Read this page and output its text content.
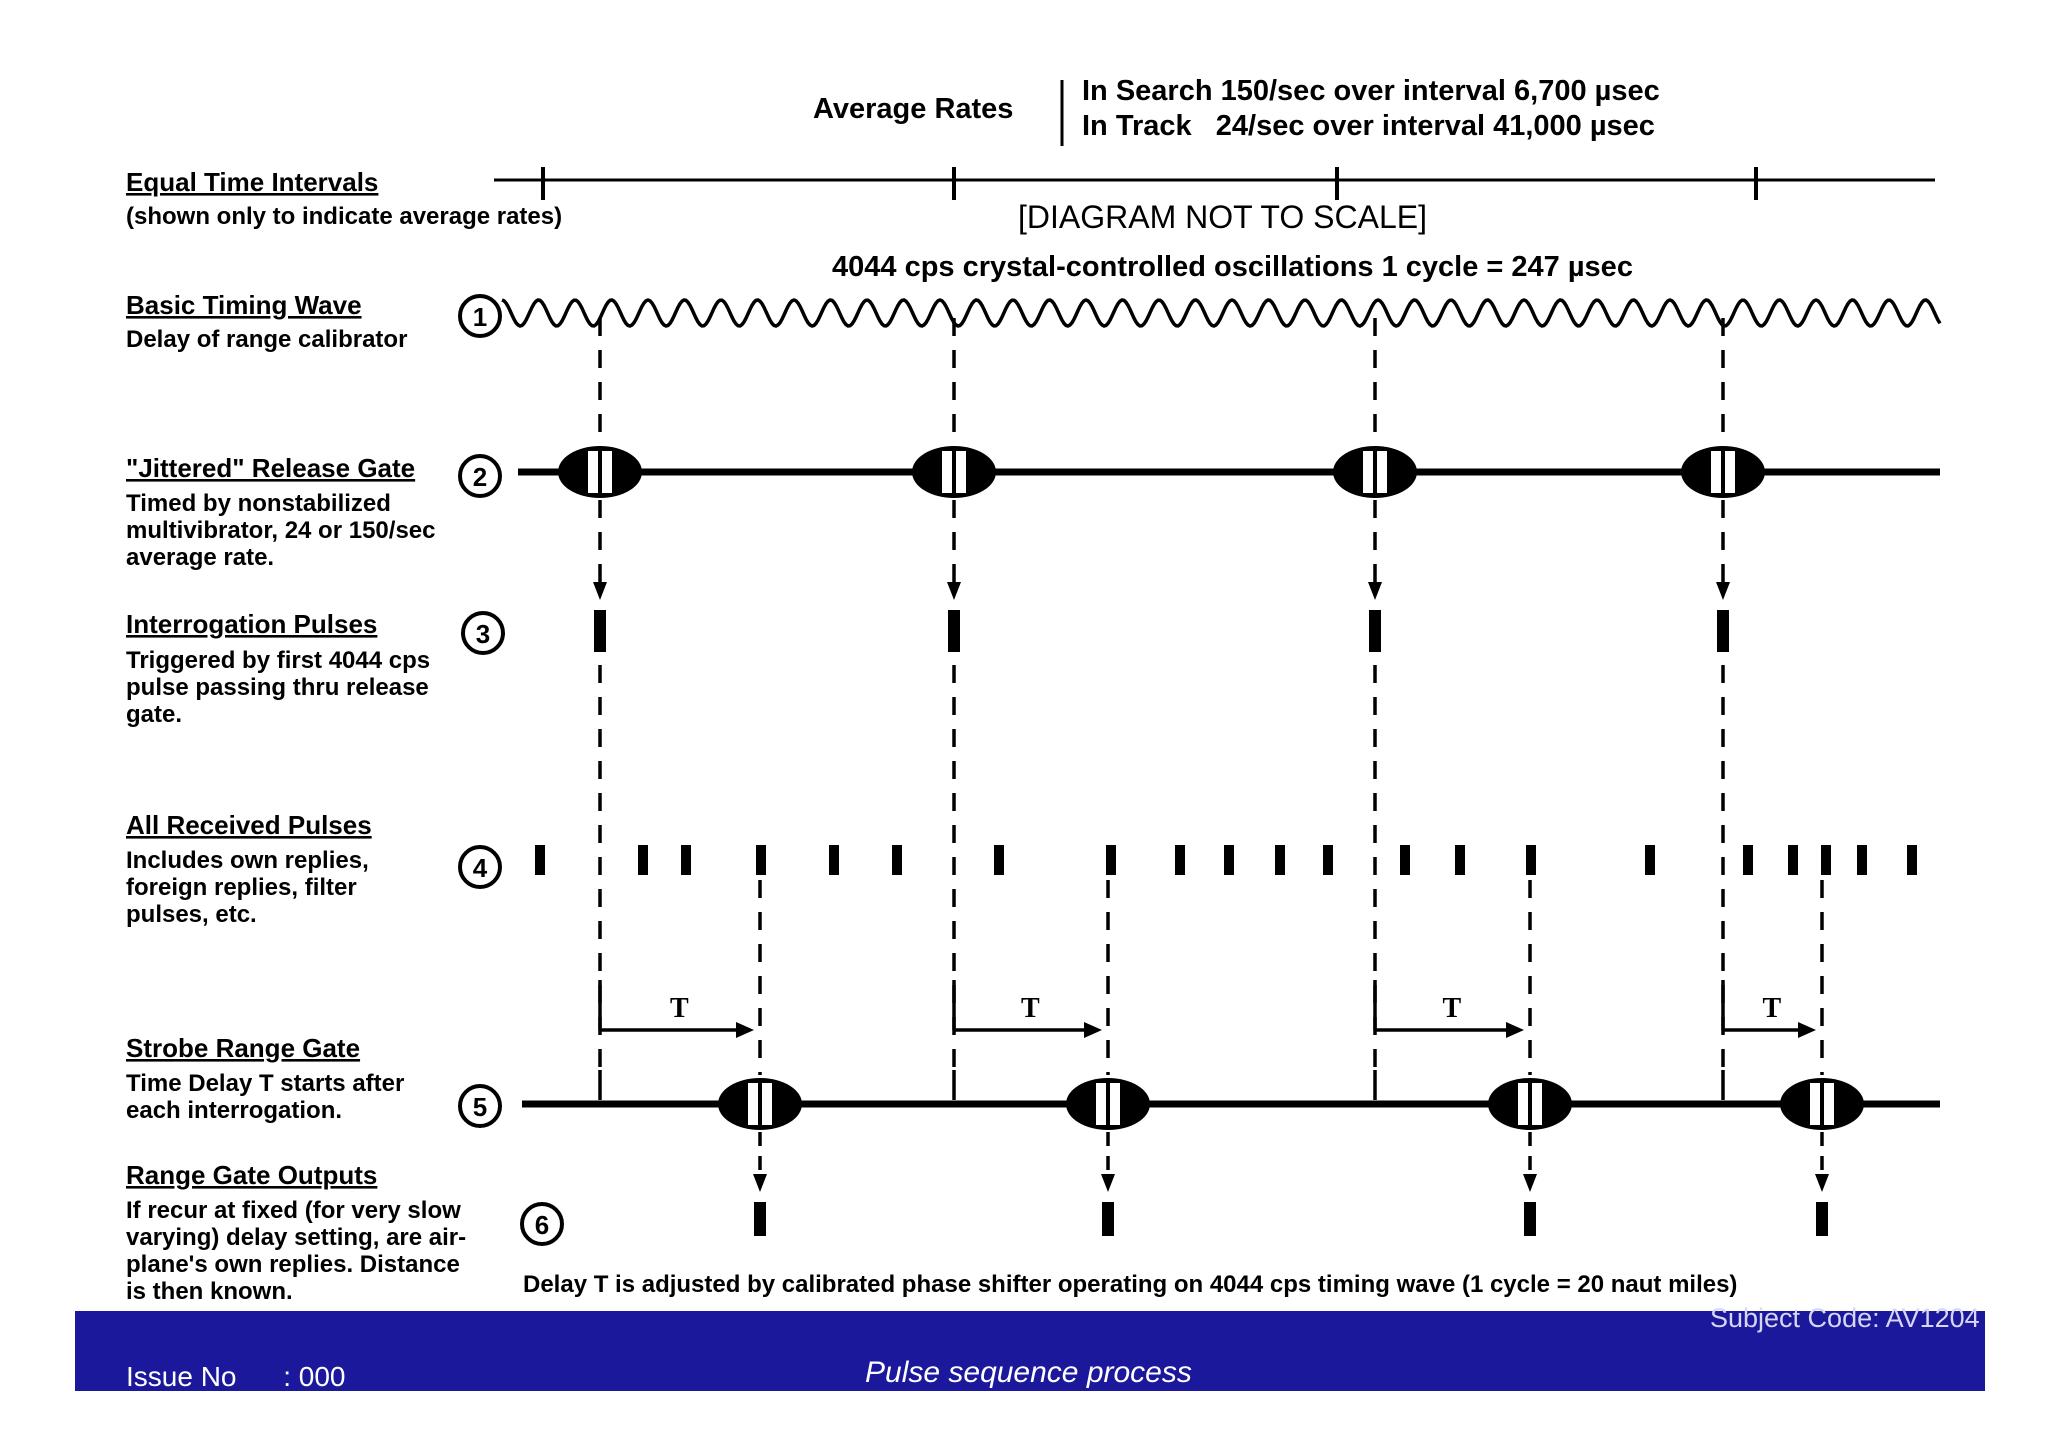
Average Rates
In Search 150/sec over interval 6,700 µsec
In Track   24/sec over interval 41,000 µsec
Equal Time Intervals
(shown only to indicate average rates)	[DIAGRAM NOT TO SCALE]
4044 cps crystal-controlled oscillations 1 cycle = 247 µsec
Basic Timing Wave
Delay of range calibrator
"Jittered" Release Gate
Timed by nonstabilized
multivibrator, 24 or 150/sec
average rate.
Interrogation Pulses
Triggered by first 4044 cps
pulse passing thru release
gate.
All Received Pulses
Includes own replies,
foreign replies, filter
pulses, etc.
Strobe Range Gate
Time Delay T starts after
each interrogation.
Range Gate Outputs
If recur at fixed (for very slow
varying) delay setting, are air-
plane's own replies. Distance
is then known.
1
2
3
4
5
6
T	T	T	T
Delay T is adjusted by calibrated phase shifter operating on 4044 cps timing wave (1 cycle = 20 naut miles)
Subject Code: AV1204
Issue No : 000	Pulse sequence process
